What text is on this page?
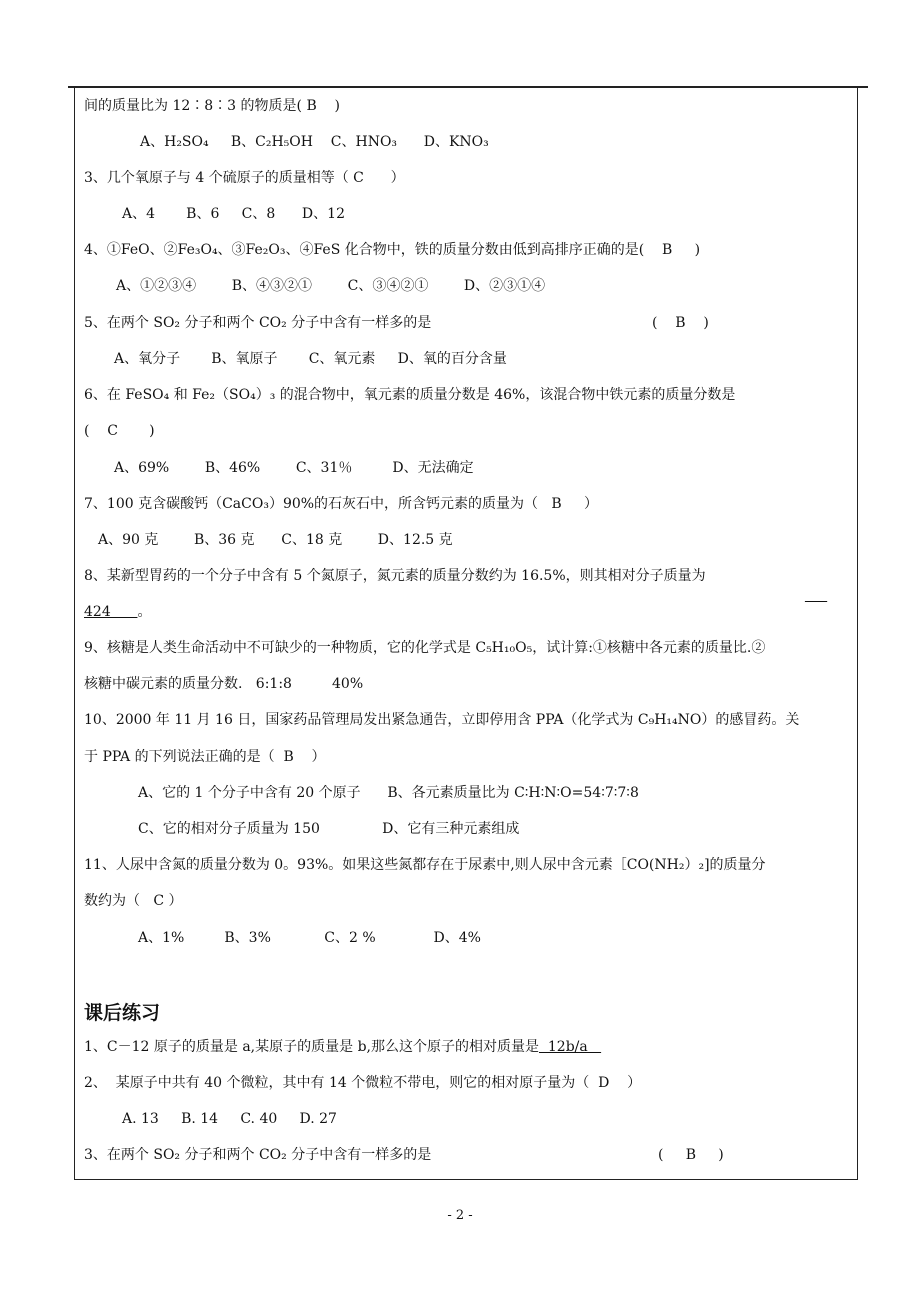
间的质量比为 12∶8∶3 的物质是( B    )
3、几个氧原子与 4 个硫原子的质量相等（ C      ）
4、①FeO、②Fe₃O₄、③Fe₂O₃、④FeS 化合物中，铁的质量分数由低到高排序正确的是(    B     )
5、在两个 SO₂ 分子和两个 CO₂ 分子中含有一样多的是
6、在 FeSO₄ 和 Fe₂（SO₄）₃ 的混合物中，氧元素的质量分数是 46%，该混合物中铁元素的质量分数是
(    C       )
7、100 克含碳酸钙（CaCO₃）90%的石灰石中，所含钙元素的质量为（   B     ）
8、某新型胃药的一个分子中含有 5 个氮原子，氮元素的质量分数约为 16.5%，则其相对分子质量为
9、核糖是人类生命活动中不可缺少的一种物质，它的化学式是 C₅H₁₀O₅，试计算:①核糖中各元素的质量比.②
核糖中碳元素的质量分数.   6:1:8         40%
10、2000 年 11 月 16 日，国家药品管理局发出紧急通告，立即停用含 PPA（化学式为 C₉H₁₄NO）的感冒药。关
于 PPA 的下列说法正确的是（  B    ）
11、人尿中含氮的质量分数为 0。93%。如果这些氮都存在于尿素中,则人尿中含元素［CO(NH₂）₂]的质量分
数约为（   C ）
2、  某原子中共有 40 个微粒，其中有 14 个微粒不带电，则它的相对原子量为（  D    ）
3、在两个 SO₂ 分子和两个 CO₂ 分子中含有一样多的是
A、H₂SO₄     B、C₂H₅OH    C、HNO₃      D、KNO₃
A、4       B、6     C、8      D、12
A、①②③④        B、④③②①        C、③④②①        D、②③①④
A、氧分子       B、氧原子       C、氧元素     D、氧的百分含量
A、69%        B、46%        C、31％         D、无法确定
A、90 克        B、36 克      C、18 克        D、12.5 克
A、它的 1 个分子中含有 20 个原子      B、各元素质量比为 C∶H∶N∶O=54∶7∶7∶8
C、它的相对分子质量为 150              D、它有三种元素组成
A、1%         B、3%            C、2 %             D、4%
A. 13     B. 14     C. 40     D. 27
(    B    )

424      。
课后练习
1、C－12 原子的质量是 a,某原子的质量是 b,那么这个原子的相对质量是  12b/a
(     B     )
- 2 -
